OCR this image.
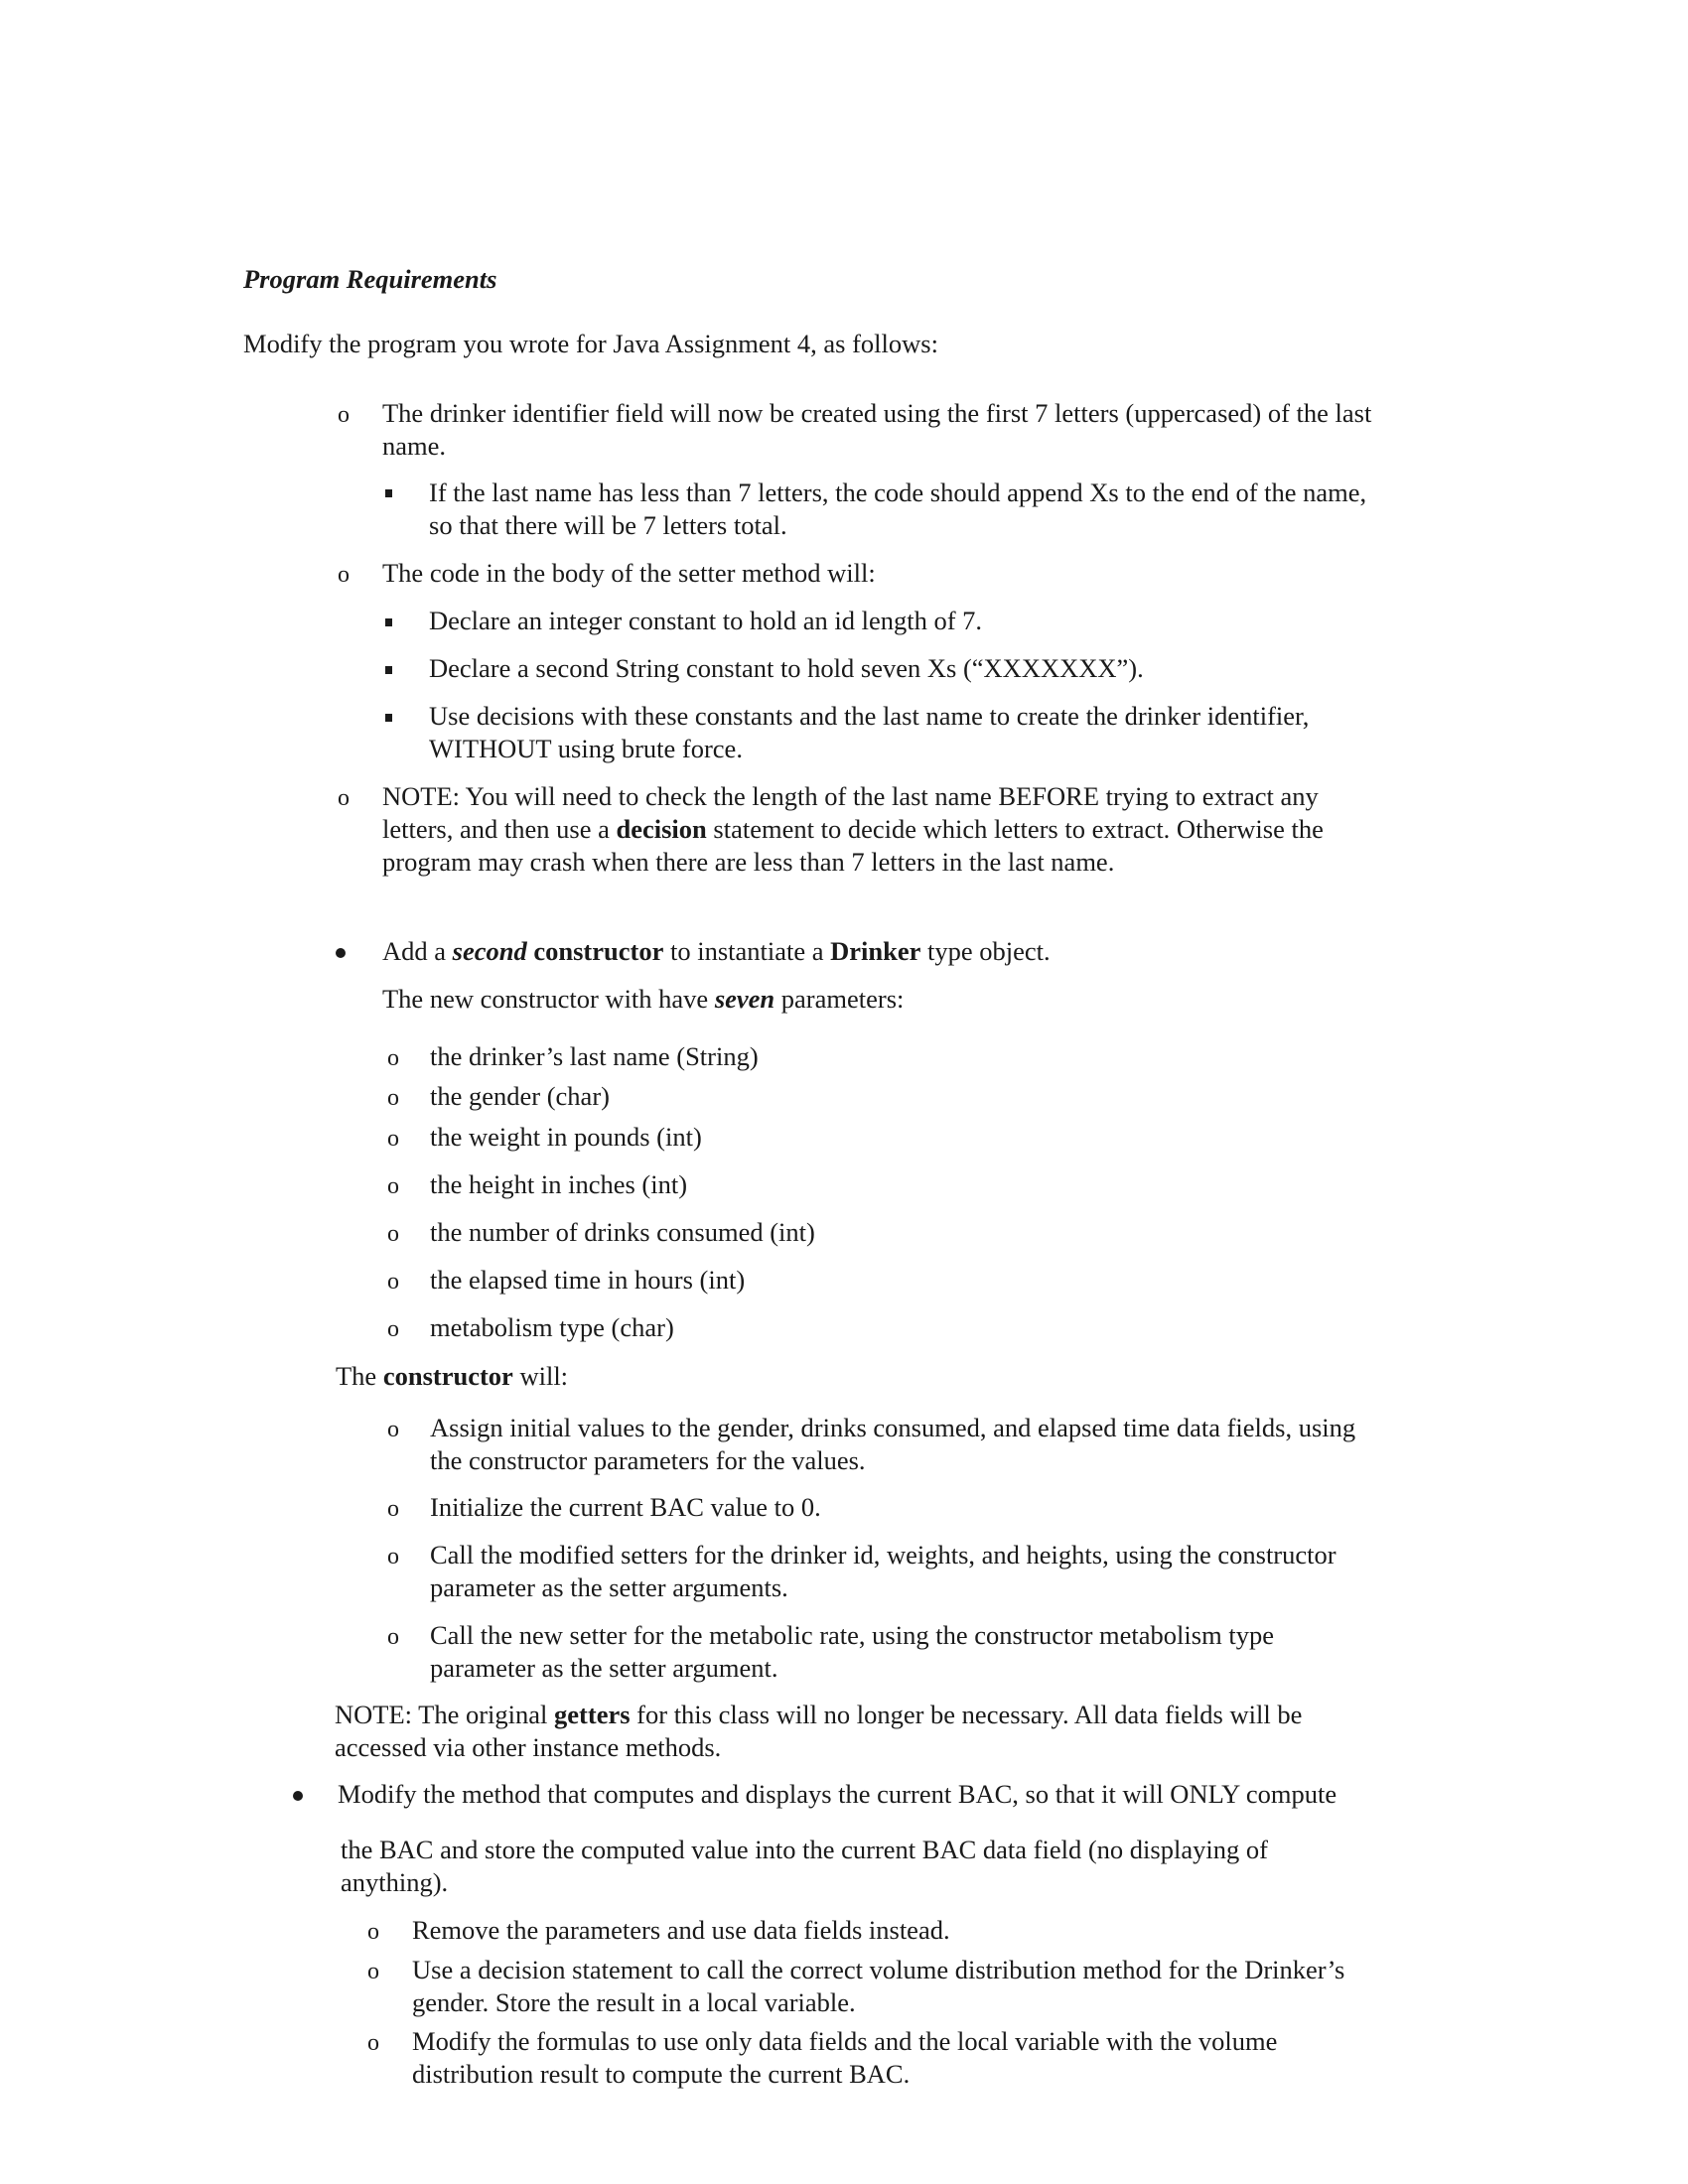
Program Requirements
Modify the program you wrote for Java Assignment 4, as follows:
o The drinker identifier field will now be created using the first 7 letters (uppercased) of the last
name.
If the last name has less than 7 letters, the code should append Xs to the end of the name,
so that there will be 7 letters total.
o The code in the body of the setter method will:
Declare an integer constant to hold an id length of 7.
Declare a second String constant to hold seven Xs (“XXXXXXX”).
Use decisions with these constants and the last name to create the drinker identifier,
WITHOUT using brute force.
o NOTE: You will need to check the length of the last name BEFORE trying to extract any
letters, and then use a decision statement to decide which letters to extract. Otherwise the
program may crash when there are less than 7 letters in the last name.
Add a second constructor to instantiate a Drinker type object.
The new constructor with have seven parameters:
o the drinker’s last name (String)
o the gender (char)
o the weight in pounds (int)
o the height in inches (int)
o the number of drinks consumed (int)
o the elapsed time in hours (int)
o metabolism type (char)
The constructor will:
o Assign initial values to the gender, drinks consumed, and elapsed time data fields, using
the constructor parameters for the values.
o Initialize the current BAC value to 0.
o Call the modified setters for the drinker id, weights, and heights, using the constructor
parameter as the setter arguments.
o Call the new setter for the metabolic rate, using the constructor metabolism type
parameter as the setter argument.
NOTE: The original getters for this class will no longer be necessary. All data fields will be
accessed via other instance methods.
Modify the method that computes and displays the current BAC, so that it will ONLY compute
the BAC and store the computed value into the current BAC data field (no displaying of
anything).
o Remove the parameters and use data fields instead.
o Use a decision statement to call the correct volume distribution method for the Drinker’s
gender. Store the result in a local variable.
o Modify the formulas to use only data fields and the local variable with the volume
distribution result to compute the current BAC.
